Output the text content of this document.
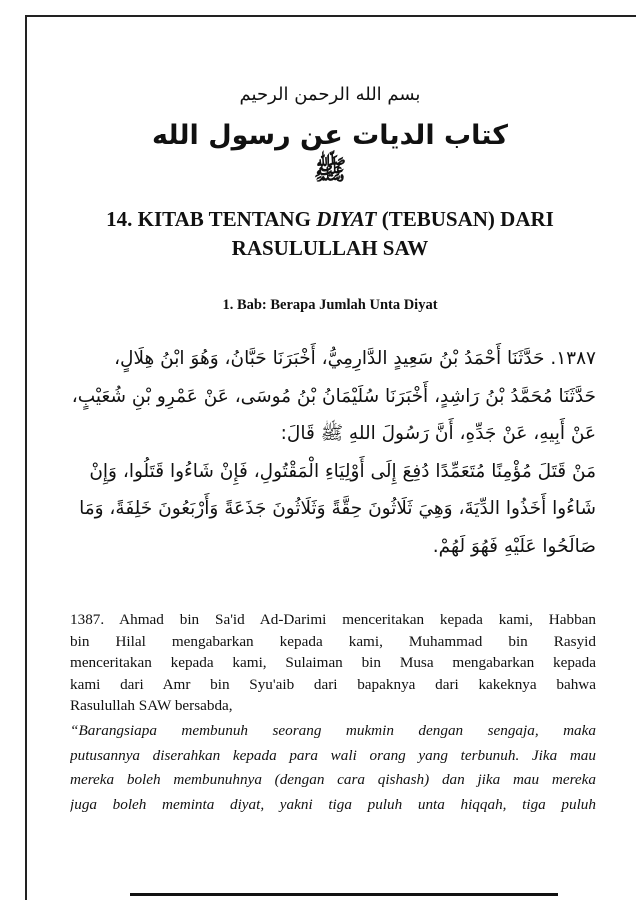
بسم الله الرحمن الرحيم
كتاب الديات عن رسول الله ﷺ
14. KITAB TENTANG DIYAT (TEBUSAN) DARI
RASULULLAH SAW
1. Bab: Berapa Jumlah Unta Diyat
١٣٨٧. حَدَّثَنَا أَحْمَدُ بْنُ سَعِيدٍ الدَّارِمِيُّ، أَخْبَرَنَا حَبَّانُ، وَهُوَ ابْنُ هِلَالٍ،
حَدَّثَنَا مُحَمَّدُ بْنُ رَاشِدٍ، أَخْبَرَنَا سُلَيْمَانُ بْنُ مُوسَى، عَنْ عَمْرِو بْنِ شُعَيْبٍ،
عَنْ أَبِيهِ، عَنْ جَدِّهِ، أَنَّ رَسُولَ اللهِ ﷺ قَالَ:
مَنْ قَتَلَ مُؤْمِنًا مُتَعَمِّدًا دُفِعَ إِلَى أَوْلِيَاءِ الْمَقْتُولِ، فَإِنْ شَاءُوا قَتَلُوا، وَإِنْ
شَاءُوا أَخَذُوا الدِّيَةَ، وَهِيَ ثَلَاثُونَ حِقَّةً وَثَلَاثُونَ جَذَعَةً وَأَرْبَعُونَ خَلِفَةً، وَمَا
صَالَحُوا عَلَيْهِ فَهُوَ لَهُمْ.
1387. Ahmad bin Sa'id Ad-Darimi menceritakan kepada kami, Habban
bin Hilal mengabarkan kepada kami, Muhammad bin Rasyid
menceritakan kepada kami, Sulaiman bin Musa mengabarkan kepada
kami dari Amr bin Syu'aib dari bapaknya dari kakeknya bahwa
Rasulullah SAW bersabda,
“Barangsiapa membunuh seorang mukmin dengan sengaja, maka
putusannya diserahkan kepada para wali orang yang terbunuh. Jika mau
mereka boleh membunuhnya (dengan cara qishash) dan jika mau mereka
juga boleh meminta diyat, yakni tiga puluh unta hiqqah, tiga puluh
